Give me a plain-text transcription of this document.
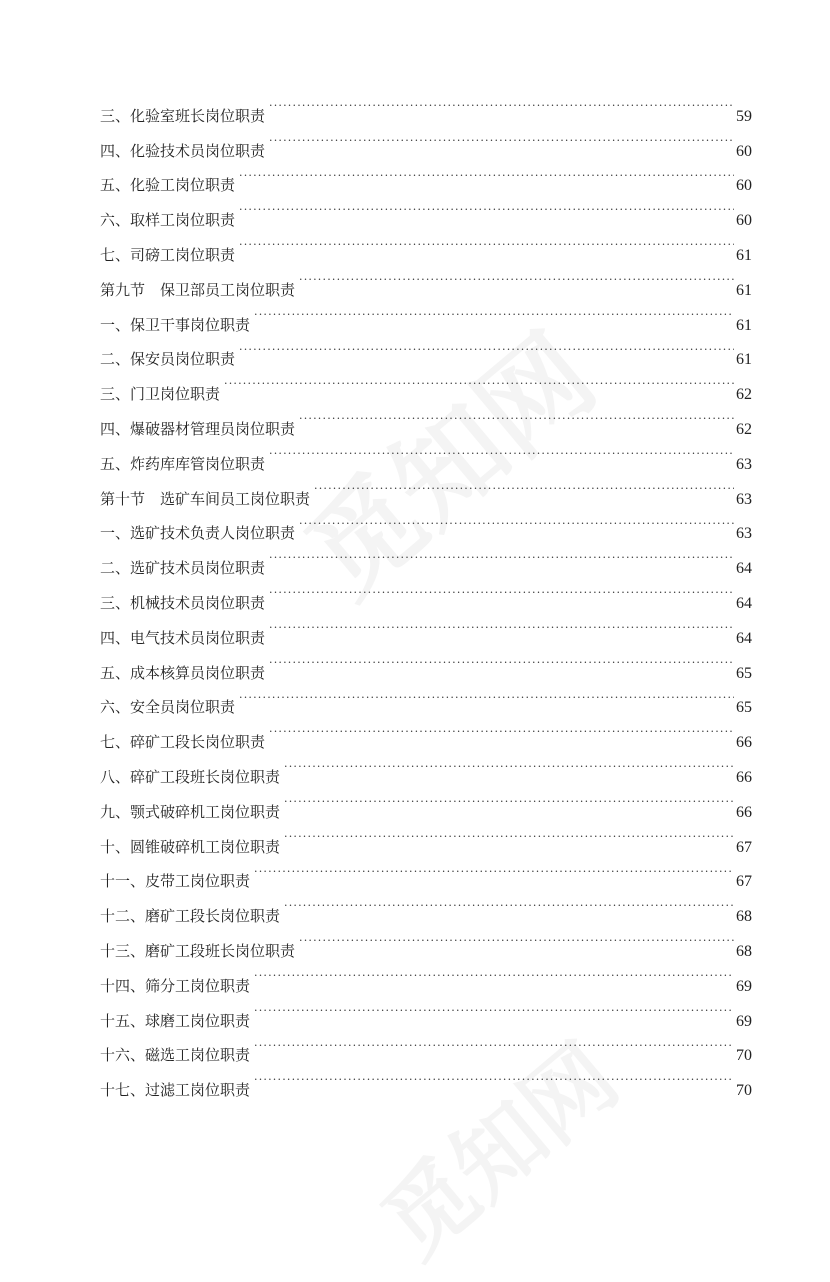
三、化验室班长岗位职责 .....	59
四、化验技术员岗位职责 .....	60
五、化验工岗位职责 .....	60
六、取样工岗位职责 .....	60
七、司磅工岗位职责 .....	61
第九节　保卫部员工岗位职责 .....	61
一、保卫干事岗位职责 .....	61
二、保安员岗位职责 .....	61
三、门卫岗位职责 .....	62
四、爆破器材管理员岗位职责 .....	62
五、炸药库库管岗位职责 .....	63
第十节　选矿车间员工岗位职责 .....	63
一、选矿技术负责人岗位职责 .....	63
二、选矿技术员岗位职责 .....	64
三、机械技术员岗位职责 .....	64
四、电气技术员岗位职责 .....	64
五、成本核算员岗位职责 .....	65
六、安全员岗位职责 .....	65
七、碎矿工段长岗位职责 .....	66
八、碎矿工段班长岗位职责 .....	66
九、颚式破碎机工岗位职责 .....	66
十、圆锥破碎机工岗位职责 .....	67
十一、皮带工岗位职责 .....	67
十二、磨矿工段长岗位职责 .....	68
十三、磨矿工段班长岗位职责 .....	68
十四、筛分工岗位职责 .....	69
十五、球磨工岗位职责 .....	69
十六、磁选工岗位职责 .....	70
十七、过滤工岗位职责 .....	70
